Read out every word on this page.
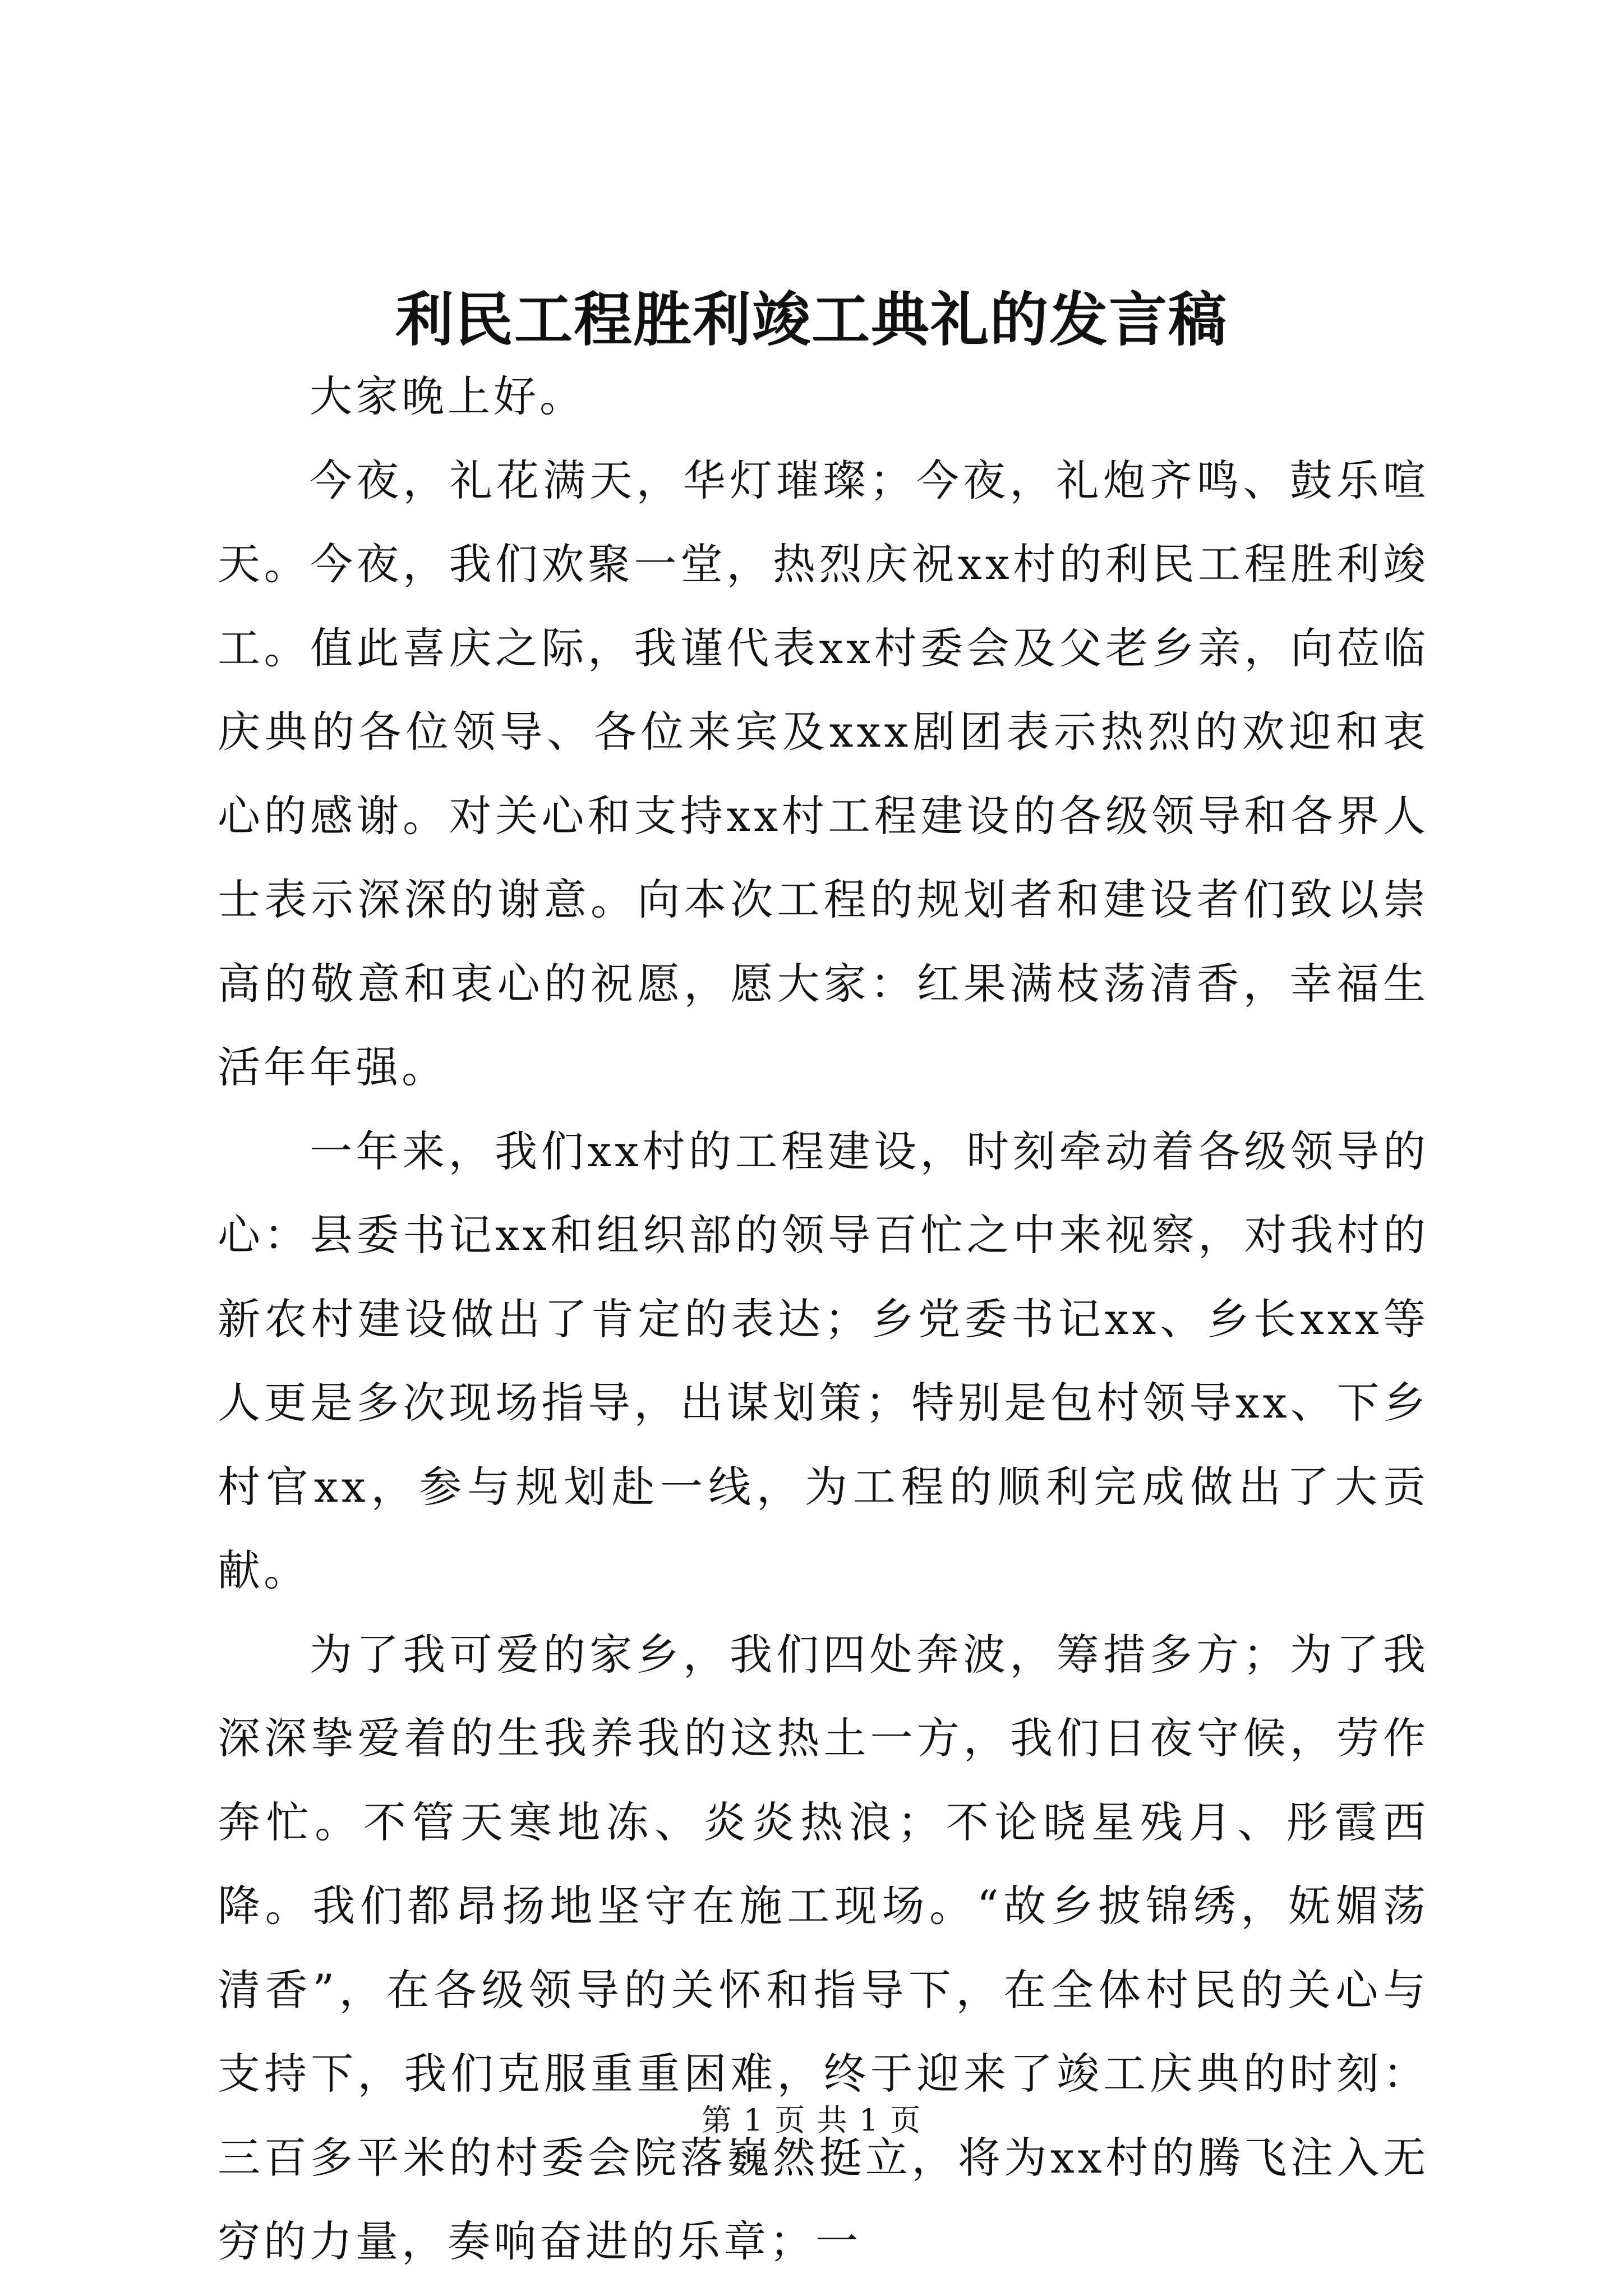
利民工程胜利竣工典礼的发言稿

大家晚上好。

今夜，礼花满天，华灯璀璨；今夜，礼炮齐鸣、鼓乐喧天。今夜，我们欢聚一堂，热烈庆祝xx村的利民工程胜利竣工。值此喜庆之际，我谨代表xx村委会及父老乡亲，向莅临庆典的各位领导、各位来宾及xxx剧团表示热烈的欢迎和衷心的感谢。对关心和支持xx村工程建设的各级领导和各界人士表示深深的谢意。向本次工程的规划者和建设者们致以崇高的敬意和衷心的祝愿，愿大家：红果满枝荡清香，幸福生活年年强。

一年来，我们xx村的工程建设，时刻牵动着各级领导的心：县委书记xx和组织部的领导百忙之中来视察，对我村的新农村建设做出了肯定的表达；乡党委书记xx、乡长xxx等人更是多次现场指导，出谋划策；特别是包村领导xx、下乡村官xx，参与规划赴一线，为工程的顺利完成做出了大贡献。

为了我可爱的家乡，我们四处奔波，筹措多方；为了我深深挚爱着的生我养我的这热土一方，我们日夜守候，劳作奔忙。不管天寒地冻、炎炎热浪；不论晓星残月、彤霞西降。我们都昂扬地坚守在施工现场。“故乡披锦绣，妩媚荡清香”，在各级领导的关怀和指导下，在全体村民的关心与支持下，我们克服重重困难，终于迎来了竣工庆典的时刻：三百多平米的村委会院落巍然挺立，将为xx村的腾飞注入无穷的力量，奏响奋进的乐章；一

第 1 页 共 1 页
